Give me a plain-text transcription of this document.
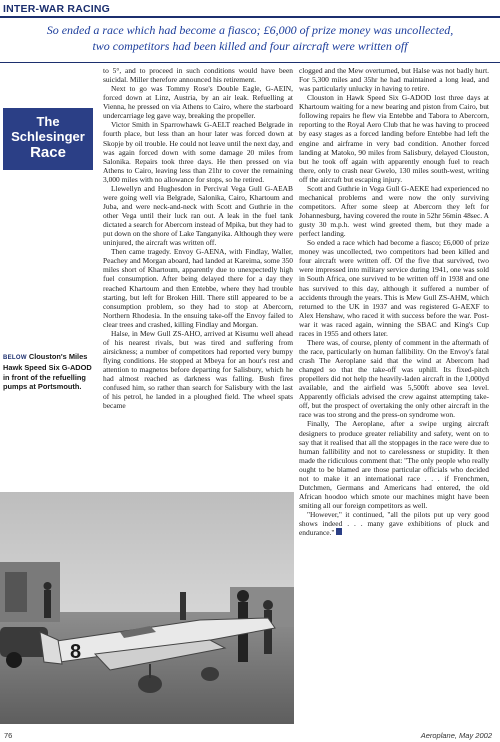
INTER-WAR RACING
So ended a race which had become a fiasco; £6,000 of prize money was uncollected,
two competitors had been killed and four aircraft were written off
The
Schlesinger
Race
BELOW Clouston's Miles Hawk Speed Six G-ADOD in front of the refuelling pumps at Portsmouth.

to 5°, and to proceed in such conditions would have been suicidal. Miller therefore announced his retirement.

Next to go was Tommy Rose's Double Eagle, G-AEIN, forced down at Linz, Austria, by an air leak. Refuelling at Vienna, he pressed on via Athens to Cairo, where the starboard undercarriage leg gave way, breaking the propeller.

Victor Smith in Sparrowhawk G-AELT reached Belgrade in fourth place, but less than an hour later was forced down at Skopje by oil trouble. He could not leave until the next day, and was again forced down with some damage 20 miles from Salonika. Repairs took three days. He then pressed on via Athens to Cairo, leaving less than 21hr to cover the remaining 3,000 miles with no allowance for stops, so he retired.

Llewellyn and Hughesdon in Percival Vega Gull G-AEAB were going well via Belgrade, Salonika, Cairo, Khartoum and Juba, and were neck-and-neck with Scott and Guthrie in the other Vega until their luck ran out. A leak in the fuel tank dictated a search for Abercorn instead of Mpika, but they had to put down on the shore of Lake Tanganyika. Although they were uninjured, the aircraft was written off.

Then came tragedy. Envoy G-AENA, with Findlay, Waller, Peachey and Morgan aboard, had landed at Kareima, some 350 miles short of Khartoum, apparently due to unexpectedly high fuel consumption. After being delayed there for a day they reached Khartoum and then Entebbe, where they had trouble starting, but left for Broken Hill. There still appeared to be a consumption problem, so they had to stop at Abercorn, Northern Rhodesia. In the ensuing take-off the Envoy failed to clear trees and crashed, killing Findlay and Morgan.

Halse, in Mew Gull ZS-AHO, arrived at Kisumu well ahead of his nearest rivals, but was tired and suffering from airsickness; a number of competitors had reported very bumpy flying conditions. He stopped at Mbeya for an hour's rest and attention to magnetos before departing for Salisbury, which he had almost reached as darkness was falling. Bush fires confused him, so rather than search for Salisbury with the last of his petrol, he landed in a ploughed field. The wheel spats became

clogged and the Mew overturned, but Halse was not badly hurt. For 5,300 miles and 35hr he had maintained a long lead, and was particularly unlucky in having to retire.

Clouston in Hawk Speed Six G-ADOD lost three days at Khartoum waiting for a new bearing and piston from Cairo, but following repairs he flew via Entebbe and Tabora to Abercorn, reporting to the Royal Aero Club that he was having to proceed by easy stages as a forced landing before Entebbe had left the engine and airframe in very bad condition. Another forced landing at Matoko, 90 miles from Salisbury, delayed Clouston, but he took off again with apparently enough fuel to reach there, only to crash near Gwelo, 130 miles south-west, writing off the aircraft but escaping injury.

Scott and Guthrie in Vega Gull G-AEKE had experienced no mechanical problems and were now the only surviving competitors. After some sleep at Abercorn they left for Johannesburg, having covered the route in 52hr 56min 48sec. A gusty 30 m.p.h. west wind greeted them, but they made a perfect landing.

So ended a race which had become a fiasco; £6,000 of prize money was uncollected, two competitors had been killed and four aircraft were written off. Of the five that survived, two were impressed into military service during 1941, one was sold in South Africa, one survived to be written off in 1938 and one has survived to this day, although it suffered a number of accidents through the years. This is Mew Gull ZS-AHM, which returned to the UK in 1937 and was registered G-AEXF to Alex Henshaw, who raced it with success before the war. Post-war it was raced again, winning the SBAC and King's Cup races in 1955 and others later.

There was, of course, plenty of comment in the aftermath of the race, particularly on human fallibility. On the Envoy's fatal crash The Aeroplane said that the wind at Abercorn had changed so that the take-off was uphill. Its fixed-pitch propellers did not help the heavily-laden aircraft in the 1,000yd available, and the airfield was 5,500ft above sea level. Apparently officials advised the crew against attempting take-off, but the prospect of overtaking the only other aircraft in the race was too strong and the press-on syndrome won.

Finally, The Aeroplane, after a swipe urging aircraft designers to produce greater reliability and safety, went on to say that it realised that all the stoppages in the race were due to human fallibility and not to carelessness or stupidity. It then made the ridiculous comment that: "The only people who really ought to be blamed are those particular officials who decided not to make it an international race . . . if Frenchmen, Dutchmen, Germans and Americans had entered, the old African hoodoo which smote our machines might have been smiting all our foreign competitors as well.

"However," it continued, "all the pilots put up very good shows indeed . . . many gave exhibitions of pluck and endurance."

8
76	Aeroplane, May 2002
